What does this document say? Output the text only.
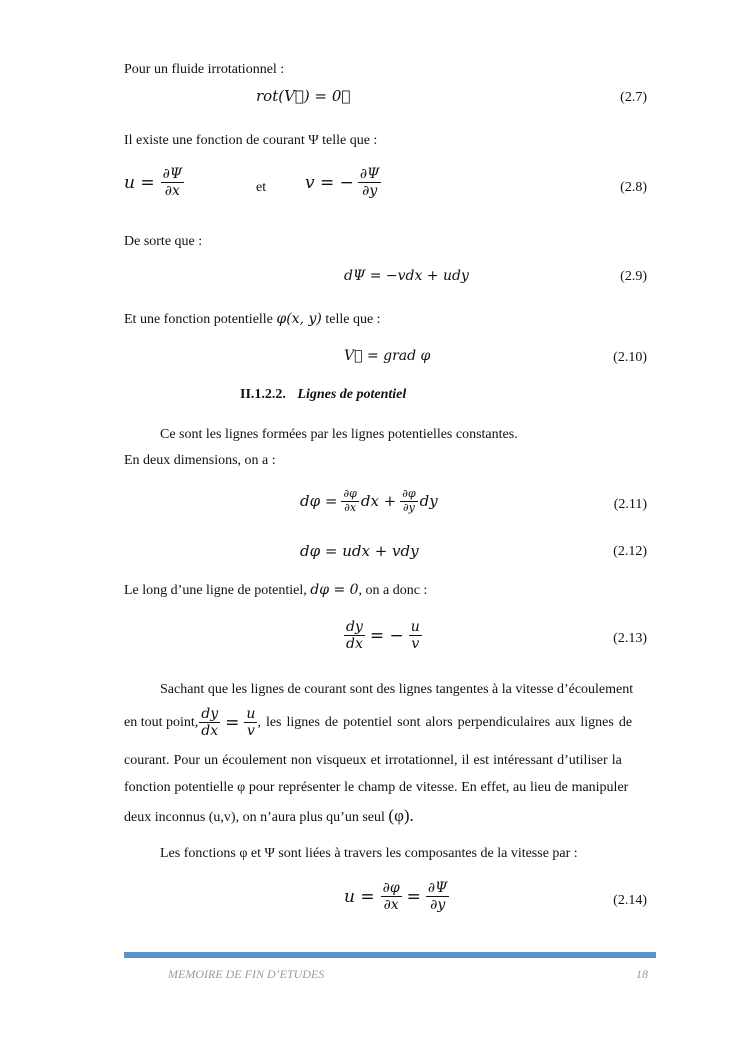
Pour un fluide irrotationnel :
rot(V⃗) = 0⃗	(2.7)
Il existe une fonction de courant Ψ telle que :
$u = \frac{\partial\Psi}{\partial x}$	et v = − $\frac{\partial\Psi}{\partial y}$	(2.8)
De sorte que :
dΨ = −vdx + udy	(2.9)
Et une fonction potentielle φ(x, y) telle que :
V⃗ = grad φ	(2.10)
II.1.2.2. Lignes de potentiel
Ce sont les lignes formées par les lignes potentielles constantes.
En deux dimensions, on a :
$d\varphi = \frac{\partial\varphi}{\partial x}$ dx + $\frac{\partial\varphi}{\partial y}$ dy	(2.11)
dφ = udx + vdy	(2.12)
Le long d’une ligne de potentiel, dφ = 0, on a donc :
$\frac{dy}{dx}$ = − $\frac{u}{v}$	(2.13)
Sachant que les lignes de courant sont des lignes tangentes à la vitesse d’écoulement
en tout point, $\frac{dy}{dx} = \frac{u}{v}$ , les lignes de potentiel sont alors perpendiculaires aux lignes de
courant. Pour un écoulement non visqueux et irrotationnel, il est intéressant d’utiliser la
fonction potentielle φ pour représenter le champ de vitesse. En effet, au lieu de manipuler
deux inconnus (u,v), on n’aura plus qu’un seul (φ).
Les fonctions φ et Ψ sont liées à travers les composantes de la vitesse par :
$u = \frac{\partial\varphi}{\partial x} = \frac{\partial\Psi}{\partial y}$	(2.14)
MEMOIRE DE FIN D’ETUDES	18
